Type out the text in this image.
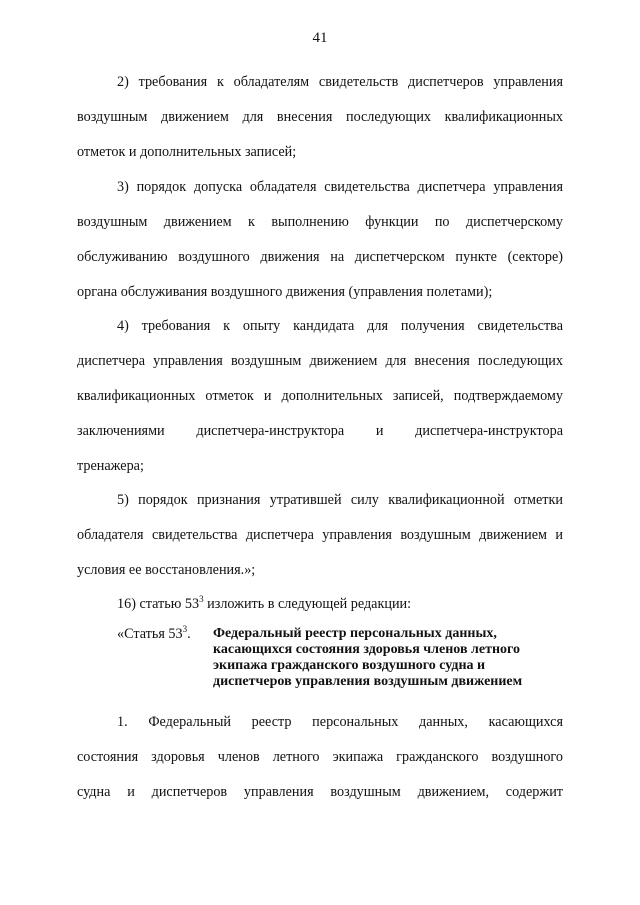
41
2) требования к обладателям свидетельств диспетчеров управления
воздушным движением для внесения последующих квалификационных
отметок и дополнительных записей;
3) порядок допуска обладателя свидетельства диспетчера управления
воздушным движением к выполнению функции по диспетчерскому
обслуживанию воздушного движения на диспетчерском пункте (секторе)
органа обслуживания воздушного движения (управления полетами);
4) требования к опыту кандидата для получения свидетельства
диспетчера управления воздушным движением для внесения последующих
квалификационных отметок и дополнительных записей, подтверждаемому
заключениями диспетчера-инструктора и диспетчера-инструктора
тренажера;
5) порядок признания утратившей силу квалификационной отметки
обладателя свидетельства диспетчера управления воздушным движением и
условия ее восстановления.»;
16) статью $53^3$ изложить в следующей редакции:
1. Федеральный реестр персональных данных, касающихся
состояния здоровья членов летного экипажа гражданского воздушного
судна и диспетчеров управления воздушным движением, содержит
«Статья $53^3$. Федеральный реестр персональных данных,
касающихся состояния здоровья членов летного
экипажа гражданского воздушного судна и
диспетчеров управления воздушным движением
